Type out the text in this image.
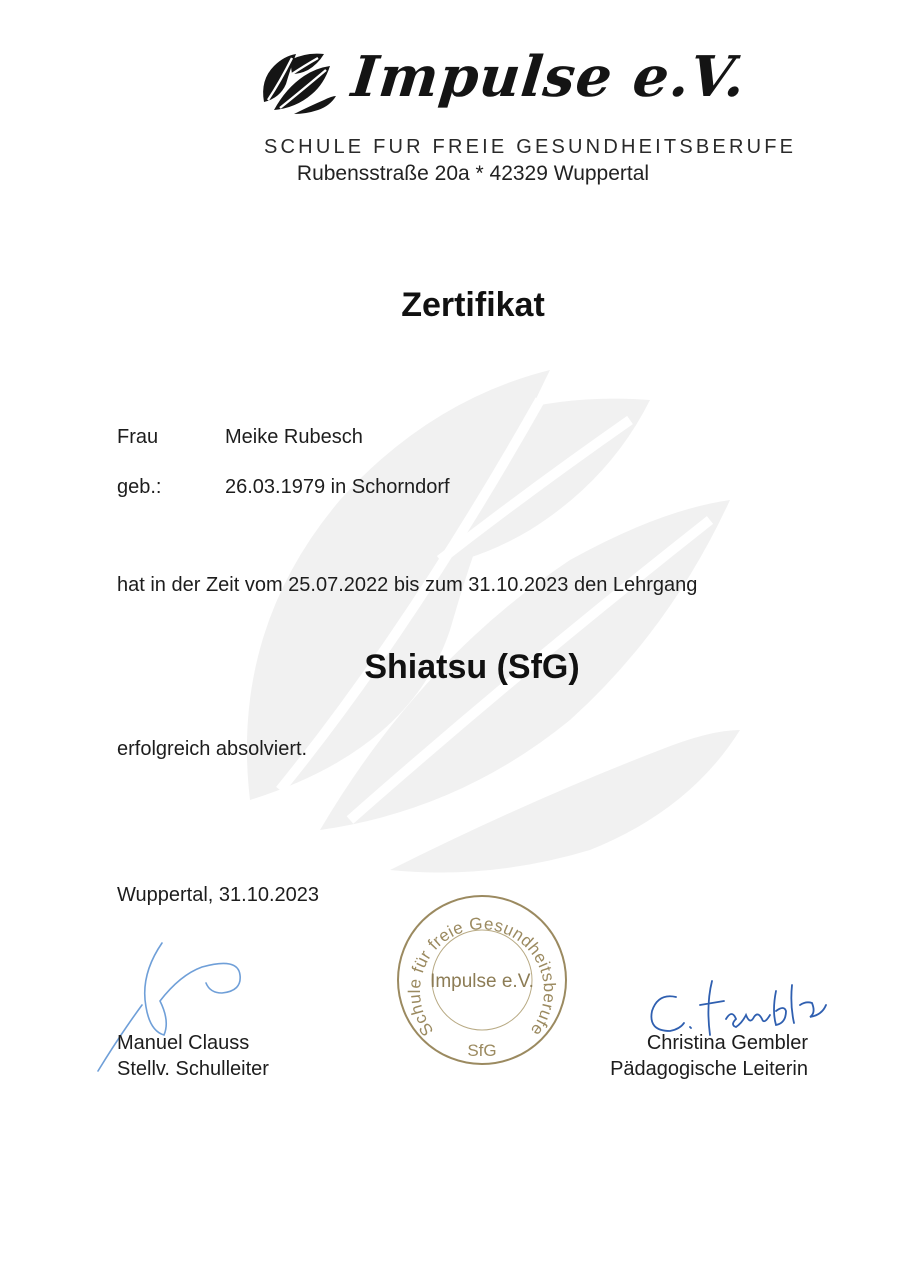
Impulse e.V.
SCHULE FUR FREIE GESUNDHEITSBERUFE
Rubensstraße 20a * 42329 Wuppertal
Zertifikat
Frau	Meike Rubesch
geb.:	26.03.1979 in Schorndorf
hat in der Zeit vom 25.07.2022 bis zum 31.10.2023 den Lehrgang
Shiatsu (SfG)
erfolgreich absolviert.
Wuppertal, 31.10.2023
Schule für freie Gesundheitsberufe
Impulse e.V.
SfG
Manuel Clauss
Stellv. Schulleiter
Christina Gembler
Pädagogische Leiterin
